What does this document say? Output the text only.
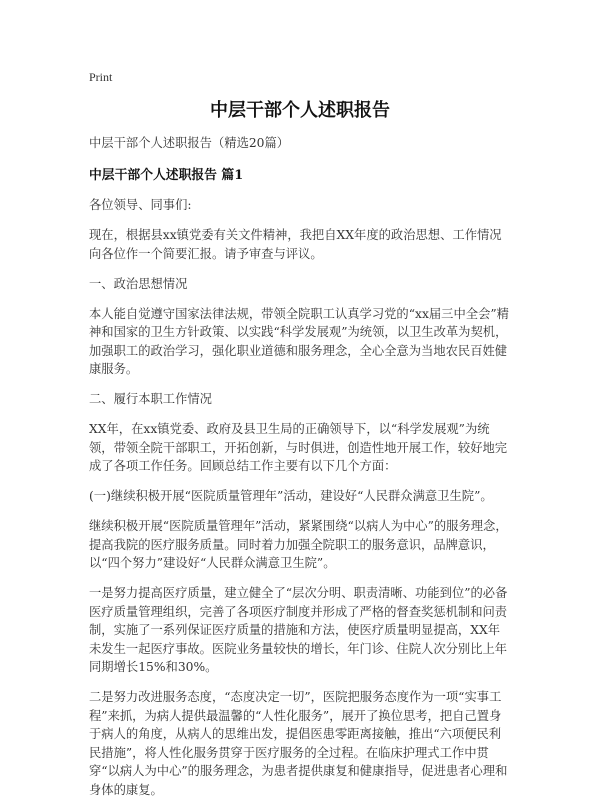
Print
中层干部个人述职报告
中层干部个人述职报告（精选20篇）
中层干部个人述职报告 篇1

各位领导、同事们:

现在，根据县xx镇党委有关文件精神，我把自XX年度的政治思想、工作情况向各位作一个简要汇报。请予审查与评议。

一、政治思想情况

本人能自觉遵守国家法律法规，带领全院职工认真学习党的“xx届三中全会”精神和国家的卫生方针政策、以实践“科学发展观”为统领，以卫生改革为契机，加强职工的政治学习，强化职业道德和服务理念，全心全意为当地农民百姓健康服务。

二、履行本职工作情况

XX年，在xx镇党委、政府及县卫生局的正确领导下，以“科学发展观”为统领，带领全院干部职工，开拓创新，与时俱进，创造性地开展工作，较好地完成了各项工作任务。回顾总结工作主要有以下几个方面：

(一)继续积极开展“医院质量管理年”活动，建设好“人民群众满意卫生院”。

继续积极开展“医院质量管理年”活动，紧紧围绕“以病人为中心”的服务理念，提高我院的医疗服务质量。同时着力加强全院职工的服务意识，品牌意识，以“四个努力”建设好“人民群众满意卫生院”。

一是努力提高医疗质量，建立健全了“层次分明、职责清晰、功能到位”的必备医疗质量管理组织，完善了各项医疗制度并形成了严格的督查奖惩机制和问责制，实施了一系列保证医疗质量的措施和方法，使医疗质量明显提高，XX年未发生一起医疗事故。医院业务量较快的增长，年门诊、住院人次分别比上年同期增长15%和30%。

二是努力改进服务态度，“态度决定一切”，医院把服务态度作为一项“实事工程”来抓，为病人提供最温馨的“人性化服务”，展开了换位思考，把自己置身于病人的角度，从病人的思维出发，提倡医患零距离接触，推出“六项便民利民措施”，将人性化服务贯穿于医疗服务的全过程。在临床护理式工作中贯穿“以病人为中心”的服务理念，为患者提供康复和健康指导，促进患者心理和身体的康复。
